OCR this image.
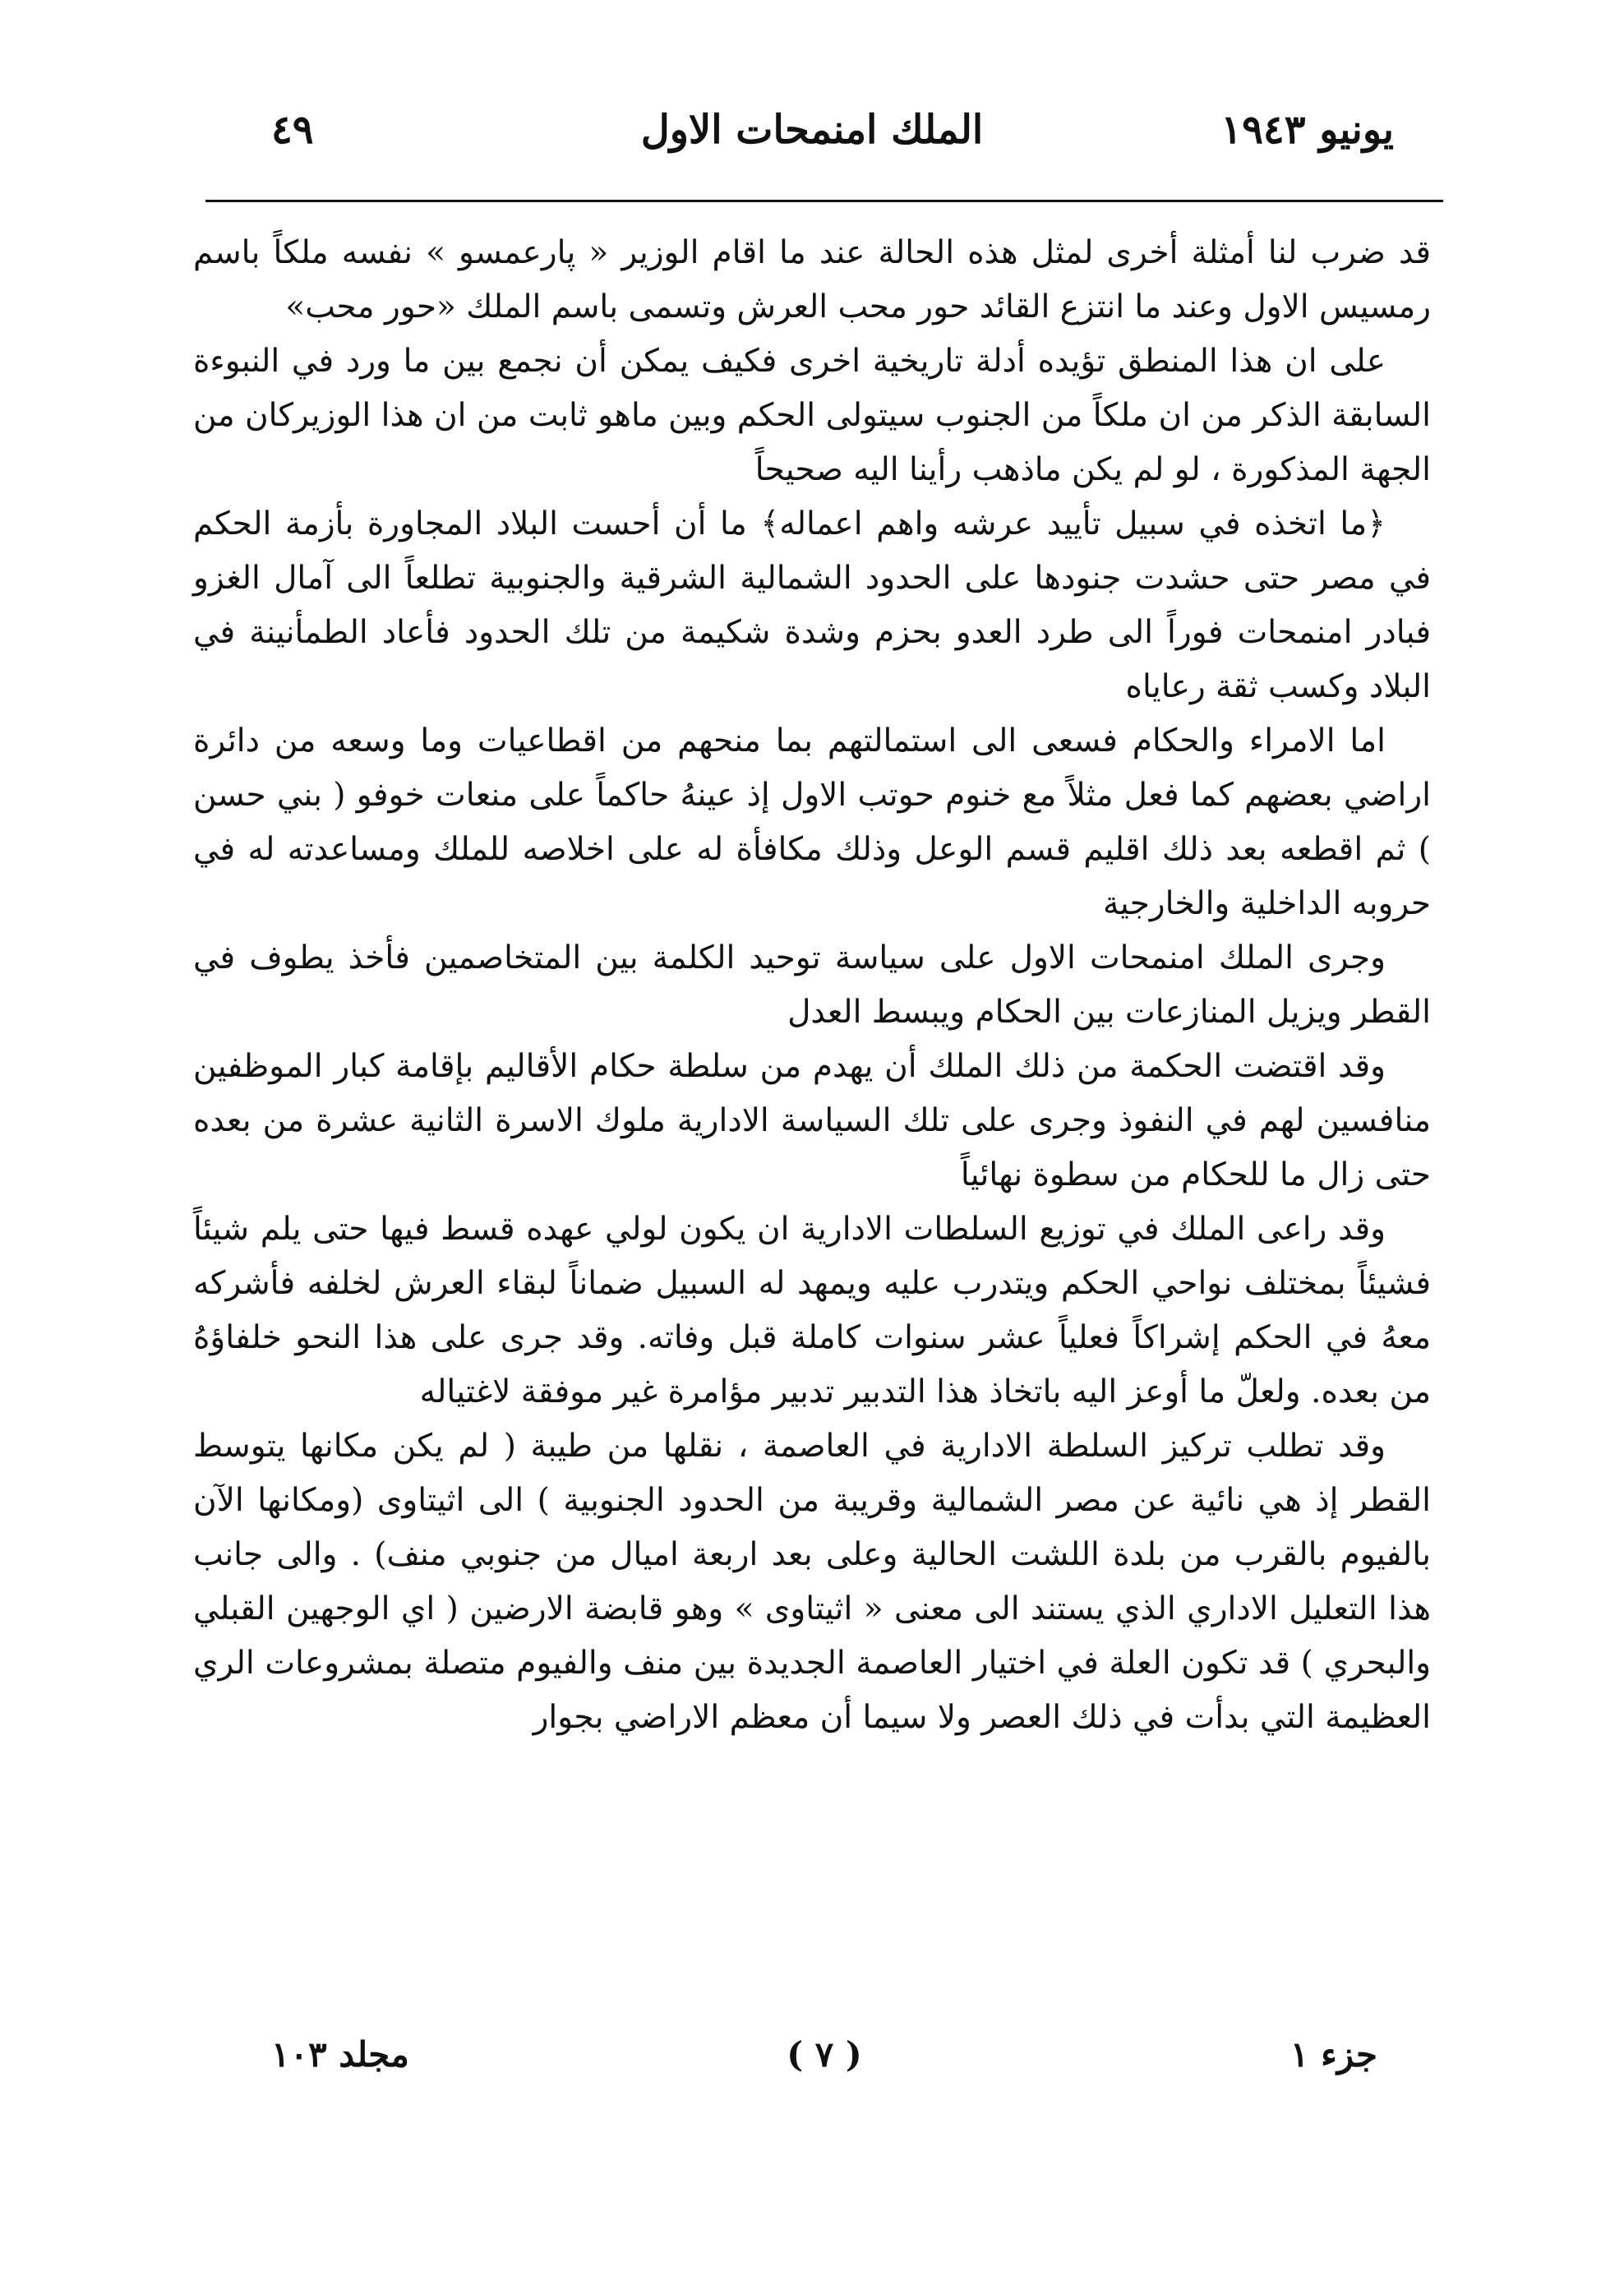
٤٩	الملك امنمحات الاول	يونيو ١٩٤٣

قد ضرب لنا أمثلة أخرى لمثل هذه الحالة عند ما اقام الوزير « پارعمسو » نفسه ملكاً باسم رمسيس الاول وعند ما انتزع القائد حور محب العرش وتسمى باسم الملك «حور محب»

على ان هذا المنطق تؤيده أدلة تاريخية اخرى فكيف يمكن أن نجمع بين ما ورد في النبوءة السابقة الذكر من ان ملكاً من الجنوب سيتولى الحكم وبين ماهو ثابت من ان هذا الوزيركان من الجهة المذكورة ، لو لم يكن ماذهب رأينا اليه صحيحاً

﴿ما اتخذه في سبيل تأييد عرشه واهم اعماله﴾ ما أن أحست البلاد المجاورة بأزمة الحكم في مصر حتى حشدت جنودها على الحدود الشمالية الشرقية والجنوبية تطلعاً الى آمال الغزو فبادر امنمحات فوراً الى طرد العدو بحزم وشدة شكيمة من تلك الحدود فأعاد الطمأنينة في البلاد وكسب ثقة رعاياه

اما الامراء والحكام فسعى الى استمالتهم بما منحهم من اقطاعيات وما وسعه من دائرة اراضي بعضهم كما فعل مثلاً مع خنوم حوتب الاول إذ عينهُ حاكماً على منعات خوفو ( بني حسن ) ثم اقطعه بعد ذلك اقليم قسم الوعل وذلك مكافأة له على اخلاصه للملك ومساعدته له في حروبه الداخلية والخارجية

وجرى الملك امنمحات الاول على سياسة توحيد الكلمة بين المتخاصمين فأخذ يطوف في القطر ويزيل المنازعات بين الحكام ويبسط العدل

وقد اقتضت الحكمة من ذلك الملك أن يهدم من سلطة حكام الأقاليم بإقامة كبار الموظفين منافسين لهم في النفوذ وجرى على تلك السياسة الادارية ملوك الاسرة الثانية عشرة من بعده حتى زال ما للحكام من سطوة نهائياً

وقد راعى الملك في توزيع السلطات الادارية ان يكون لولي عهده قسط فيها حتى يلم شيئاً فشيئاً بمختلف نواحي الحكم ويتدرب عليه ويمهد له السبيل ضماناً لبقاء العرش لخلفه فأشركه معهُ في الحكم إشراكاً فعلياً عشر سنوات كاملة قبل وفاته. وقد جرى على هذا النحو خلفاؤهُ من بعده. ولعلّ ما أوعز اليه باتخاذ هذا التدبير تدبير مؤامرة غير موفقة لاغتياله

وقد تطلب تركيز السلطة الادارية في العاصمة ، نقلها من طيبة ( لم يكن مكانها يتوسط القطر إذ هي نائية عن مصر الشمالية وقريبة من الحدود الجنوبية ) الى اثيتاوى (ومكانها الآن بالفيوم بالقرب من بلدة اللشت الحالية وعلى بعد اربعة اميال من جنوبي منف) . والى جانب هذا التعليل الاداري الذي يستند الى معنى « اثيتاوى » وهو قابضة الارضين ( اي الوجهين القبلي والبحري ) قد تكون العلة في اختيار العاصمة الجديدة بين منف والفيوم متصلة بمشروعات الري العظيمة التي بدأت في ذلك العصر ولا سيما أن معظم الاراضي بجوار

جزء ١
( ٧ )
مجلد ١٠٣
